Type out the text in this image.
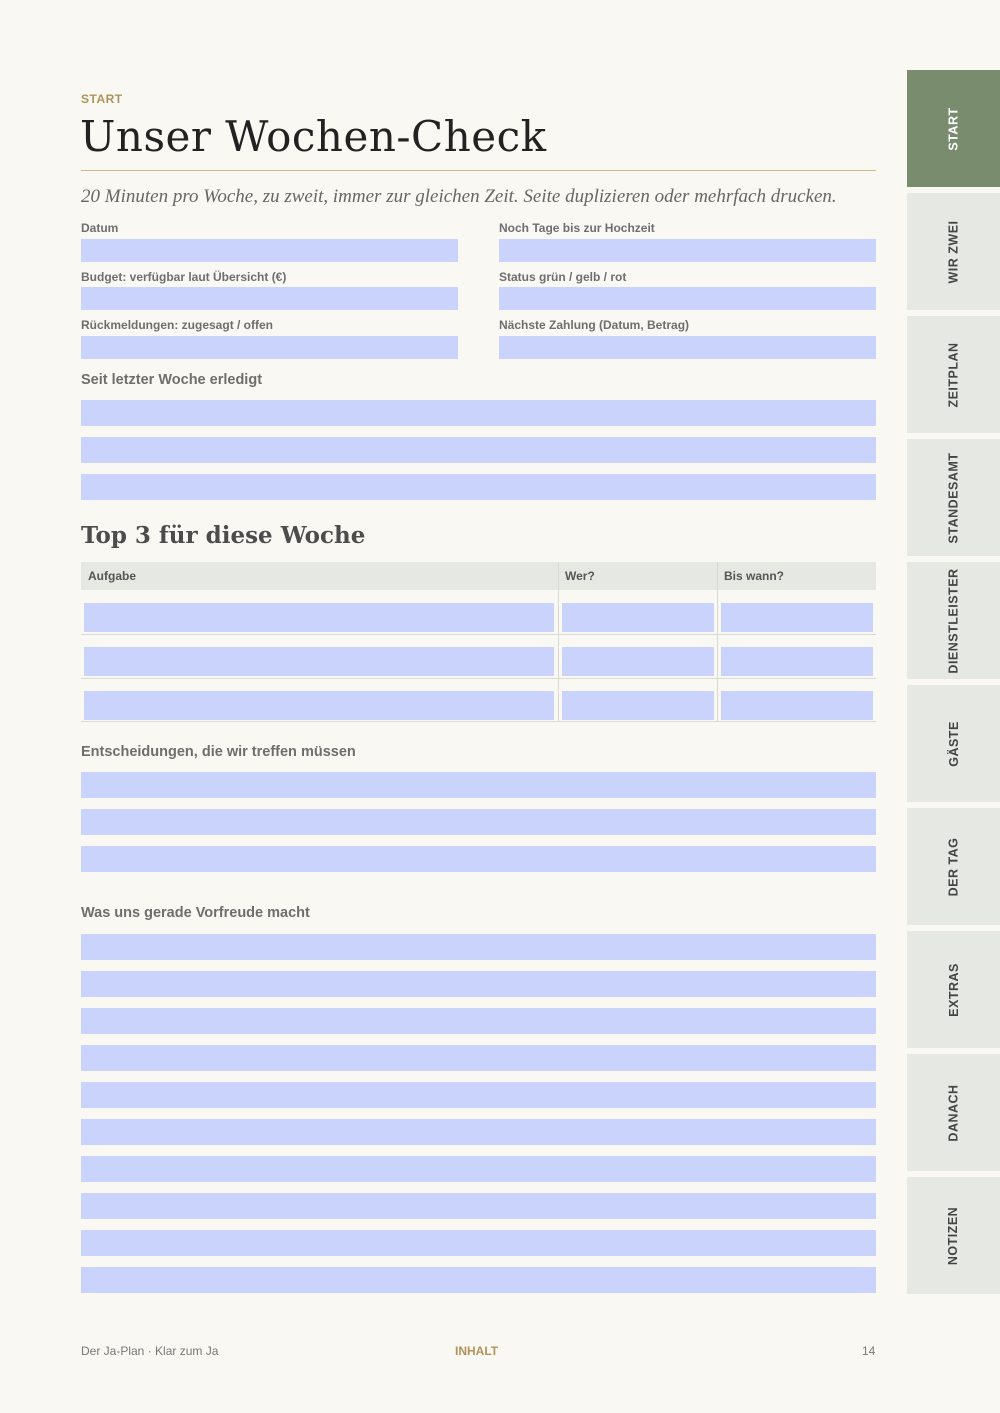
START
Unser Wochen-Check
20 Minuten pro Woche, zu zweit, immer zur gleichen Zeit. Seite duplizieren oder mehrfach drucken.
Datum	Noch Tage bis zur Hochzeit
Budget: verfügbar laut Übersicht (€)	Status grün / gelb / rot
Rückmeldungen: zugesagt / offen	Nächste Zahlung (Datum, Betrag)
Seit letzter Woche erledigt
Top 3 für diese Woche
Aufgabe	Wer?	Bis wann?
Entscheidungen, die wir treffen müssen
Was uns gerade Vorfreude macht
Der Ja-Plan · Klar zum Ja	INHALT	14
START
WIR ZWEI
ZEITPLAN
STANDESAMT
DIENSTLEISTER
GÄSTE
DER TAG
EXTRAS
DANACH
NOTIZEN
